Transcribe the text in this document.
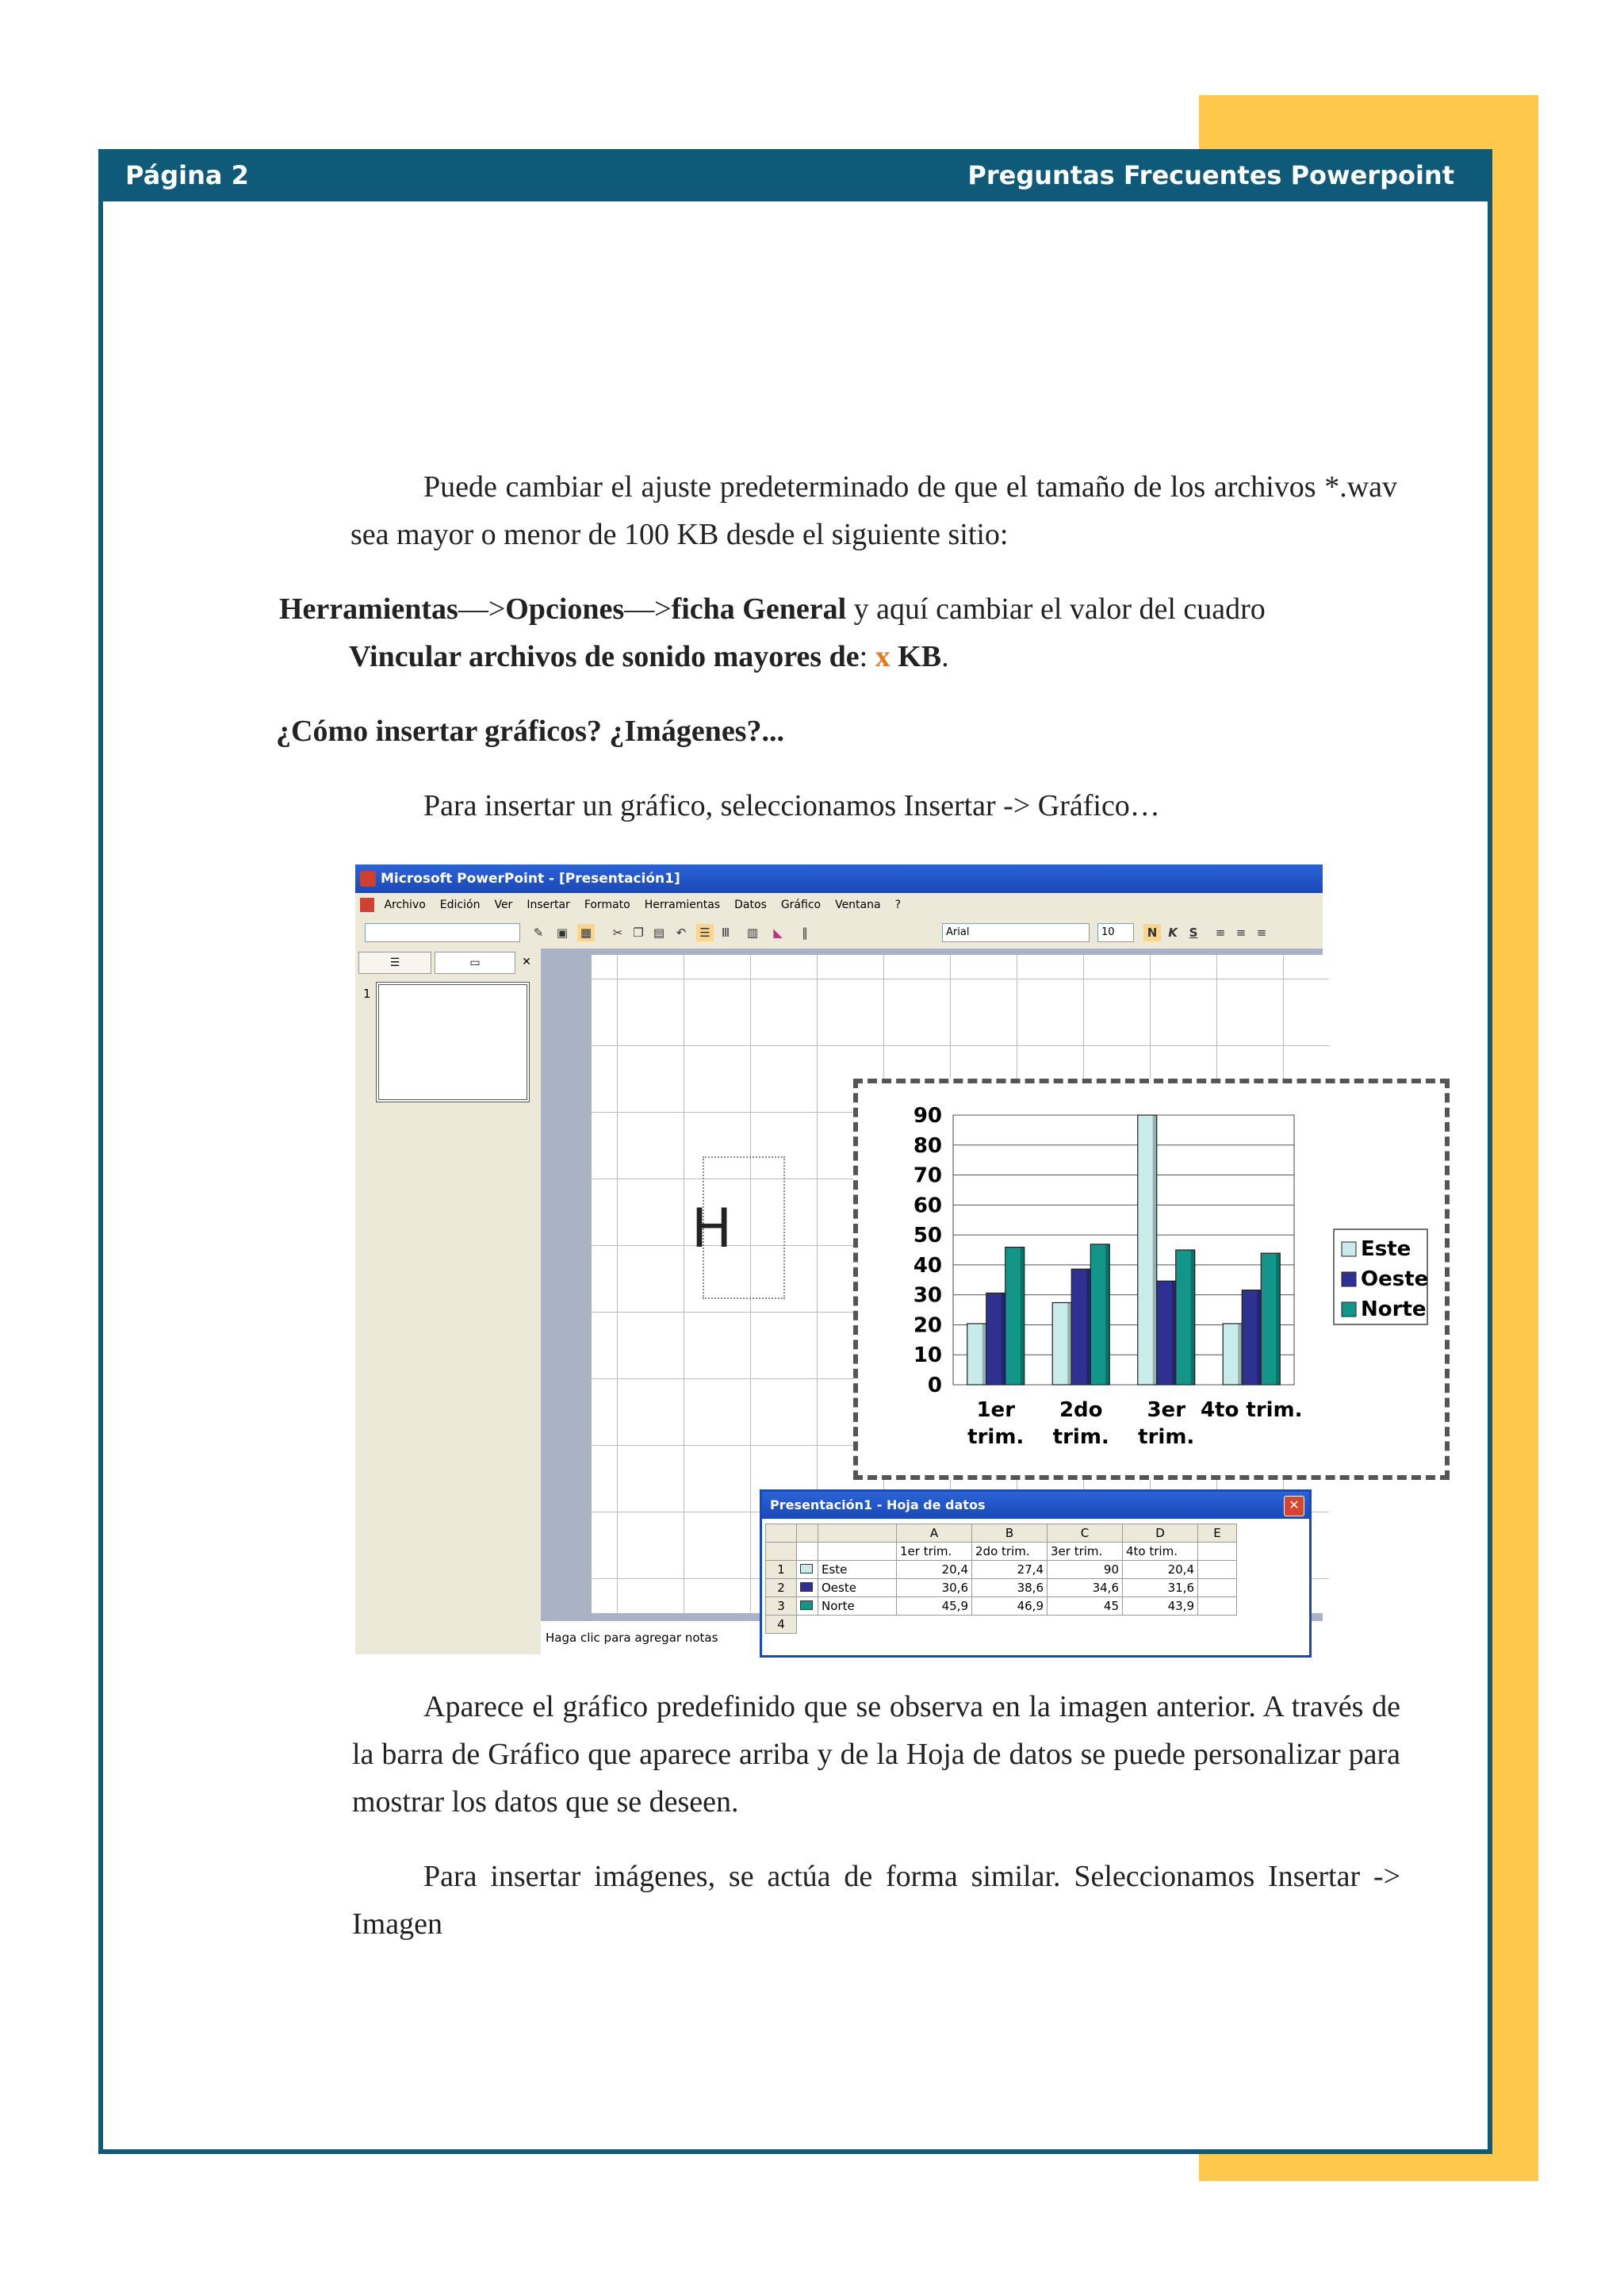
Página 2	Preguntas Frecuentes Powerpoint
Puede cambiar el ajuste predeterminado de que el tamaño de los archivos *.wav sea mayor o menor de 100 KB desde el siguiente sitio:
Herramientas—>Opciones—>ficha General y aquí cambiar el valor del cuadro
Vincular archivos de sonido mayores de: x KB.
¿Cómo insertar gráficos? ¿Imágenes?...
Para insertar un gráfico, seleccionamos Insertar -> Gráfico…
Microsoft PowerPoint - [Presentación1]
Archivo Edición Ver Insertar Formato Herramientas Datos Gráfico Ventana ?
✎	▣ ▦	✂ ❐ ▤ ↶	☰ Ⅲ	▥	◣	‖	Arial	10	N K S	≡ ≡ ≡
☰	▭	✕
1
H
0
10
20
30
40
50
60
70
80
90
1er
trim.
2do
trim.
3er
trim.
4to trim.
Este
Oeste
Norte
Haga clic para agregar notas
Presentación1 - Hoja de datos	✕
			A	B	C	D	E
			1er trim.	2do trim.	3er trim.	4to trim.	
1		Este	20,4	27,4	90	20,4	
2		Oeste	30,6	38,6	34,6	31,6	
3		Norte	45,9	46,9	45	43,9	
4							
Aparece el gráfico predefinido que se observa en la imagen anterior. A través de la barra de Gráfico que aparece arriba y de la Hoja de datos se puede personalizar para mostrar los datos que se deseen.
Para insertar imágenes, se actúa de forma similar. Seleccionamos Insertar -> Imagen
